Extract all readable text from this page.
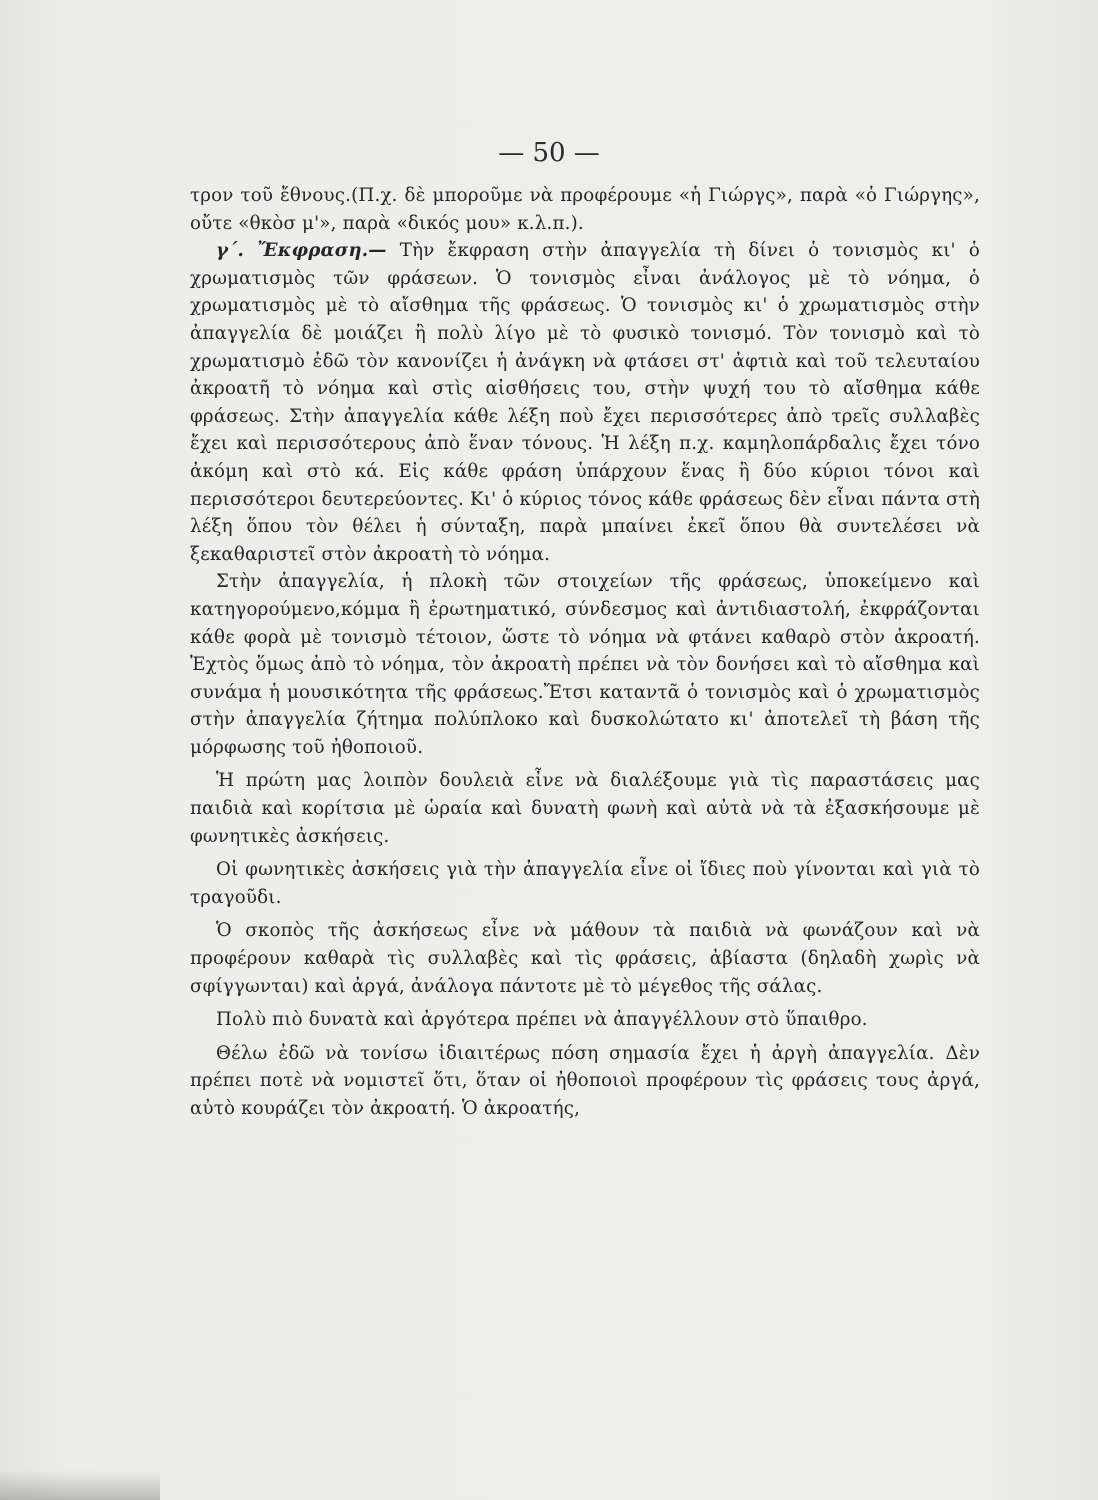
— 50 —

τρον τοῦ ἔθνους.(Π.χ. δὲ μποροῦμε νὰ προφέρουμε «ἡ Γιώργς», παρὰ «ὁ Γιώργης», οὔτε «θκὸσ μ'», παρὰ «δικός μου» κ.λ.π.).

γ΄. Ἔκφραση.— Τὴν ἔκφραση στὴν ἀπαγγελία τὴ δίνει ὁ τονισμὸς κι' ὁ χρωματισμὸς τῶν φράσεων. Ὁ τονισμὸς εἶναι ἀνάλογος μὲ τὸ νόημα, ὁ χρωματισμὸς μὲ τὸ αἴσθημα τῆς φράσεως. Ὁ τονισμὸς κι' ὁ χρωματισμὸς στὴν ἀπαγγελία δὲ μοιάζει ἢ πολὺ λίγο μὲ τὸ φυσικὸ τονισμό. Τὸν τονισμὸ καὶ τὸ χρωματισμὸ ἐδῶ τὸν κανονίζει ἡ ἀνάγκη νὰ φτάσει στ' ἀφτιὰ καὶ τοῦ τελευταίου ἀκροατῆ τὸ νόημα καὶ στὶς αἰσθήσεις του, στὴν ψυχή του τὸ αἴσθημα κάθε φράσεως. Στὴν ἀπαγγελία κάθε λέξη ποὺ ἔχει περισσότερες ἀπὸ τρεῖς συλλαβὲς ἔχει καὶ περισσότερους ἀπὸ ἕναν τόνους. Ἡ λέξη π.χ. καμηλοπάρδαλις ἔχει τόνο ἀκόμη καὶ στὸ κά. Εἰς κάθε φράση ὑπάρχουν ἕνας ἢ δύο κύριοι τόνοι καὶ περισσότεροι δευτερεύοντες. Κι' ὁ κύριος τόνος κάθε φράσεως δὲν εἶναι πάντα στὴ λέξη ὅπου τὸν θέλει ἡ σύνταξη, παρὰ μπαίνει ἐκεῖ ὅπου θὰ συντελέσει νὰ ξεκαθαριστεῖ στὸν ἀκροατὴ τὸ νόημα.

Στὴν ἀπαγγελία, ἡ πλοκὴ τῶν στοιχείων τῆς φράσεως, ὑποκείμενο καὶ κατηγορούμενο,κόμμα ἢ ἐρωτηματικό, σύνδεσμος καὶ ἀντιδιαστολή, ἐκφράζονται κάθε φορὰ μὲ τονισμὸ τέτοιον, ὥστε τὸ νόημα νὰ φτάνει καθαρὸ στὸν ἀκροατή. Ἐχτὸς ὅμως ἀπὸ τὸ νόημα, τὸν ἀκροατὴ πρέπει νὰ τὸν δονήσει καὶ τὸ αἴσθημα καὶ συνάμα ἡ μουσικότητα τῆς φράσεως.Ἔτσι καταντᾶ ὁ τονισμὸς καὶ ὁ χρωματισμὸς στὴν ἀπαγγελία ζήτημα πολύπλοκο καὶ δυσκολώτατο κι' ἀποτελεῖ τὴ βάση τῆς μόρφωσης τοῦ ἠθοποιοῦ.

Ἡ πρώτη μας λοιπὸν δουλειὰ εἶνε νὰ διαλέξουμε γιὰ τὶς παραστάσεις μας παιδιὰ καὶ κορίτσια μὲ ὡραία καὶ δυνατὴ φωνὴ καὶ αὐτὰ νὰ τὰ ἐξασκήσουμε μὲ φωνητικὲς ἀσκήσεις.

Οἱ φωνητικὲς ἀσκήσεις γιὰ τὴν ἀπαγγελία εἶνε οἱ ἴδιες ποὺ γίνονται καὶ γιὰ τὸ τραγοῦδι.

Ὁ σκοπὸς τῆς ἀσκήσεως εἶνε νὰ μάθουν τὰ παιδιὰ νὰ φωνάζουν καὶ νὰ προφέρουν καθαρὰ τὶς συλλαβὲς καὶ τὶς φράσεις, ἀβίαστα (δηλαδὴ χωρὶς νὰ σφίγγωνται) καὶ ἀργά, ἀνάλογα πάντοτε μὲ τὸ μέγεθος τῆς σάλας.

Πολὺ πιὸ δυνατὰ καὶ ἀργότερα πρέπει νὰ ἀπαγγέλλουν στὸ ὕπαιθρο.

Θέλω ἐδῶ νὰ τονίσω ἰδιαιτέρως πόση σημασία ἔχει ἡ ἀργὴ ἀπαγγελία. Δὲν πρέπει ποτὲ νὰ νομιστεῖ ὅτι, ὅταν οἱ ἠθοποιοὶ προφέρουν τὶς φράσεις τους ἀργά, αὐτὸ κουράζει τὸν ἀκροατή. Ὁ ἀκροατής,
